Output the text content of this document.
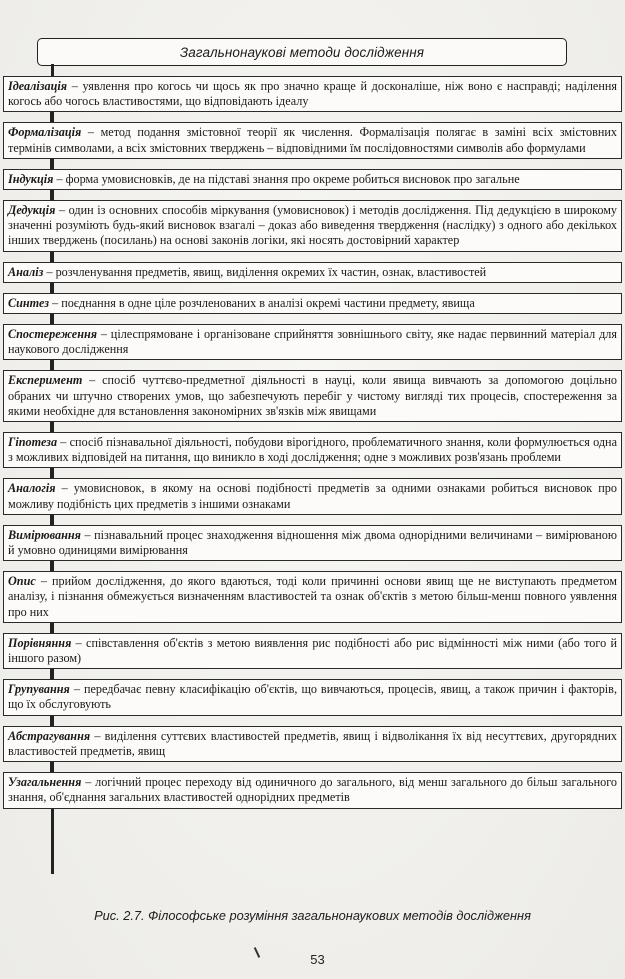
Загальнонаукові методи дослідження
Ідеалізація – уявлення про когось чи щось як про значно краще й досконаліше, ніж воно є насправді; наділення когось або чогось властивостями, що відповідають ідеалу
Формалізація – метод подання змістовної теорії як числення. Формалізація полягає в заміні всіх змістовних термінів символами, а всіх змістовних тверджень – відповідними їм послідовностями символів або формулами
Індукція – форма умовисновків, де на підставі знання про окреме робиться висновок про загальне
Дедукція – один із основних способів міркування (умовисновок) і методів дослідження. Під дедукцією в широкому значенні розуміють будь-який висновок взагалі – доказ або виведення твердження (наслідку) з одного або декількох інших тверджень (посилань) на основі законів логіки, які носять достовірний характер
Аналіз – розчленування предметів, явищ, виділення окремих їх частин, ознак, властивостей
Синтез – поєднання в одне ціле розчленованих в аналізі окремі частини предмету, явища
Спостереження – цілеспрямоване і організоване сприйняття зовнішнього світу, яке надає первинний матеріал для наукового дослідження
Експеримент – спосіб чуттєво-предметної діяльності в науці, коли явища вивчають за допомогою доцільно обраних чи штучно створених умов, що забезпечують перебіг у чистому вигляді тих процесів, спостереження за якими необхідне для встановлення закономірних зв'язків між явищами
Гіпотеза – спосіб пізнавальної діяльності, побудови вірогідного, проблематичного знання, коли формулюється одна з можливих відповідей на питання, що виникло в ході дослідження; одне з можливих розв'язань проблеми
Аналогія – умовисновок, в якому на основі подібності предметів за одними ознаками робиться висновок про можливу подібність цих предметів з іншими ознаками
Вимірювання – пізнавальний процес знаходження відношення між двома однорідними величинами – вимірюваною й умовно одиницями вимірювання
Опис – прийом дослідження, до якого вдаються, тоді коли причинні основи явищ ще не виступають предметом аналізу, і пізнання обмежується визначенням властивостей та ознак об'єктів з метою більш-менш повного уявлення про них
Порівняння – співставлення об'єктів з метою виявлення рис подібності або рис відмінності між ними (або того й іншого разом)
Групування – передбачає певну класифікацію об'єктів, що вивчаються, процесів, явищ, а також причин і факторів, що їх обслуговують
Абстрагування – виділення суттєвих властивостей предметів, явищ і відволікання їх від несуттєвих, другорядних властивостей предметів, явищ
Узагальнення – логічний процес переходу від одиничного до загального, від менш загального до більш загального знання, об'єднання загальних властивостей однорідних предметів
Рис. 2.7. Філософське розуміння загальнонаукових методів дослідження
53
